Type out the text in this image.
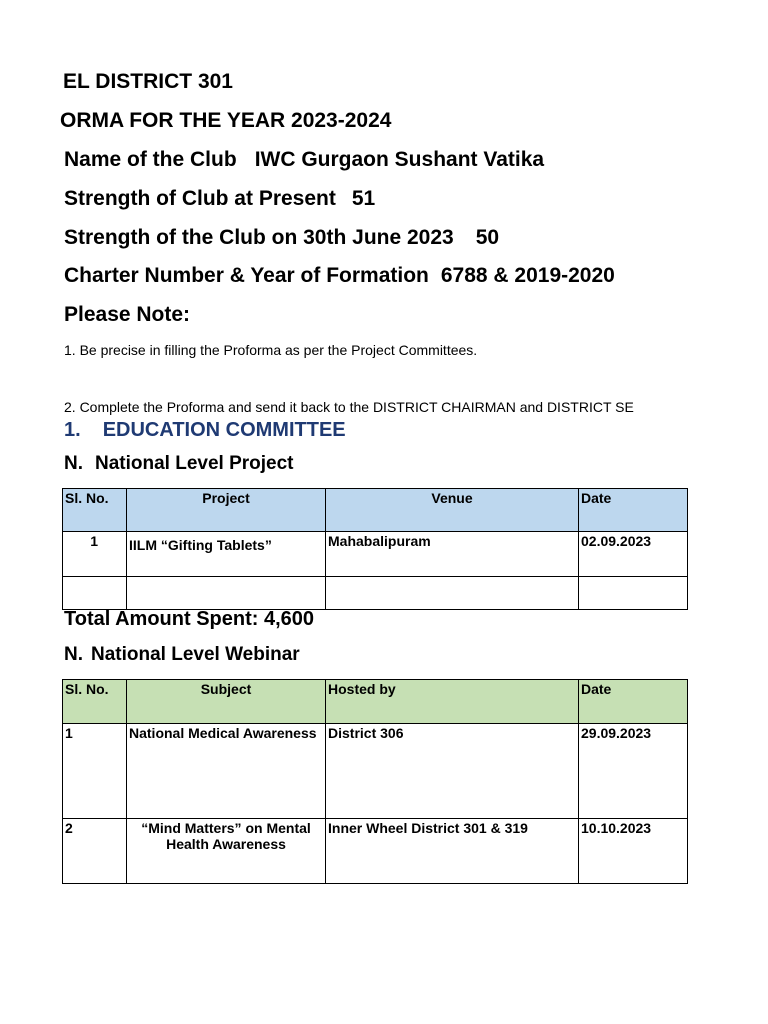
EL DISTRICT 301
ORMA FOR THE YEAR 2023-2024
Name of the Club IWC Gurgaon Sushant Vatika
Strength of Club at Present 51
Strength of the Club on 30th June 2023 50
Charter Number & Year of Formation 6788 & 2019-2020
Please Note:
1. Be precise in filling the Proforma as per the Project Committees.
2. Complete the Proforma and send it back to the DISTRICT CHAIRMAN and DISTRICT SE
1. EDUCATION COMMITTEE
N. National Level Project
Sl. No.	Project	Venue	Date
1	IILM “Gifting Tablets”	Mahabalipuram	02.09.2023

Total Amount Spent: 4,600
N. National Level Webinar
Sl. No.	Subject	Hosted by	Date
1	National Medical Awareness	District 306	29.09.2023
2	“Mind Matters” on Mental Health Awareness	Inner Wheel District 301 & 319	10.10.2023
